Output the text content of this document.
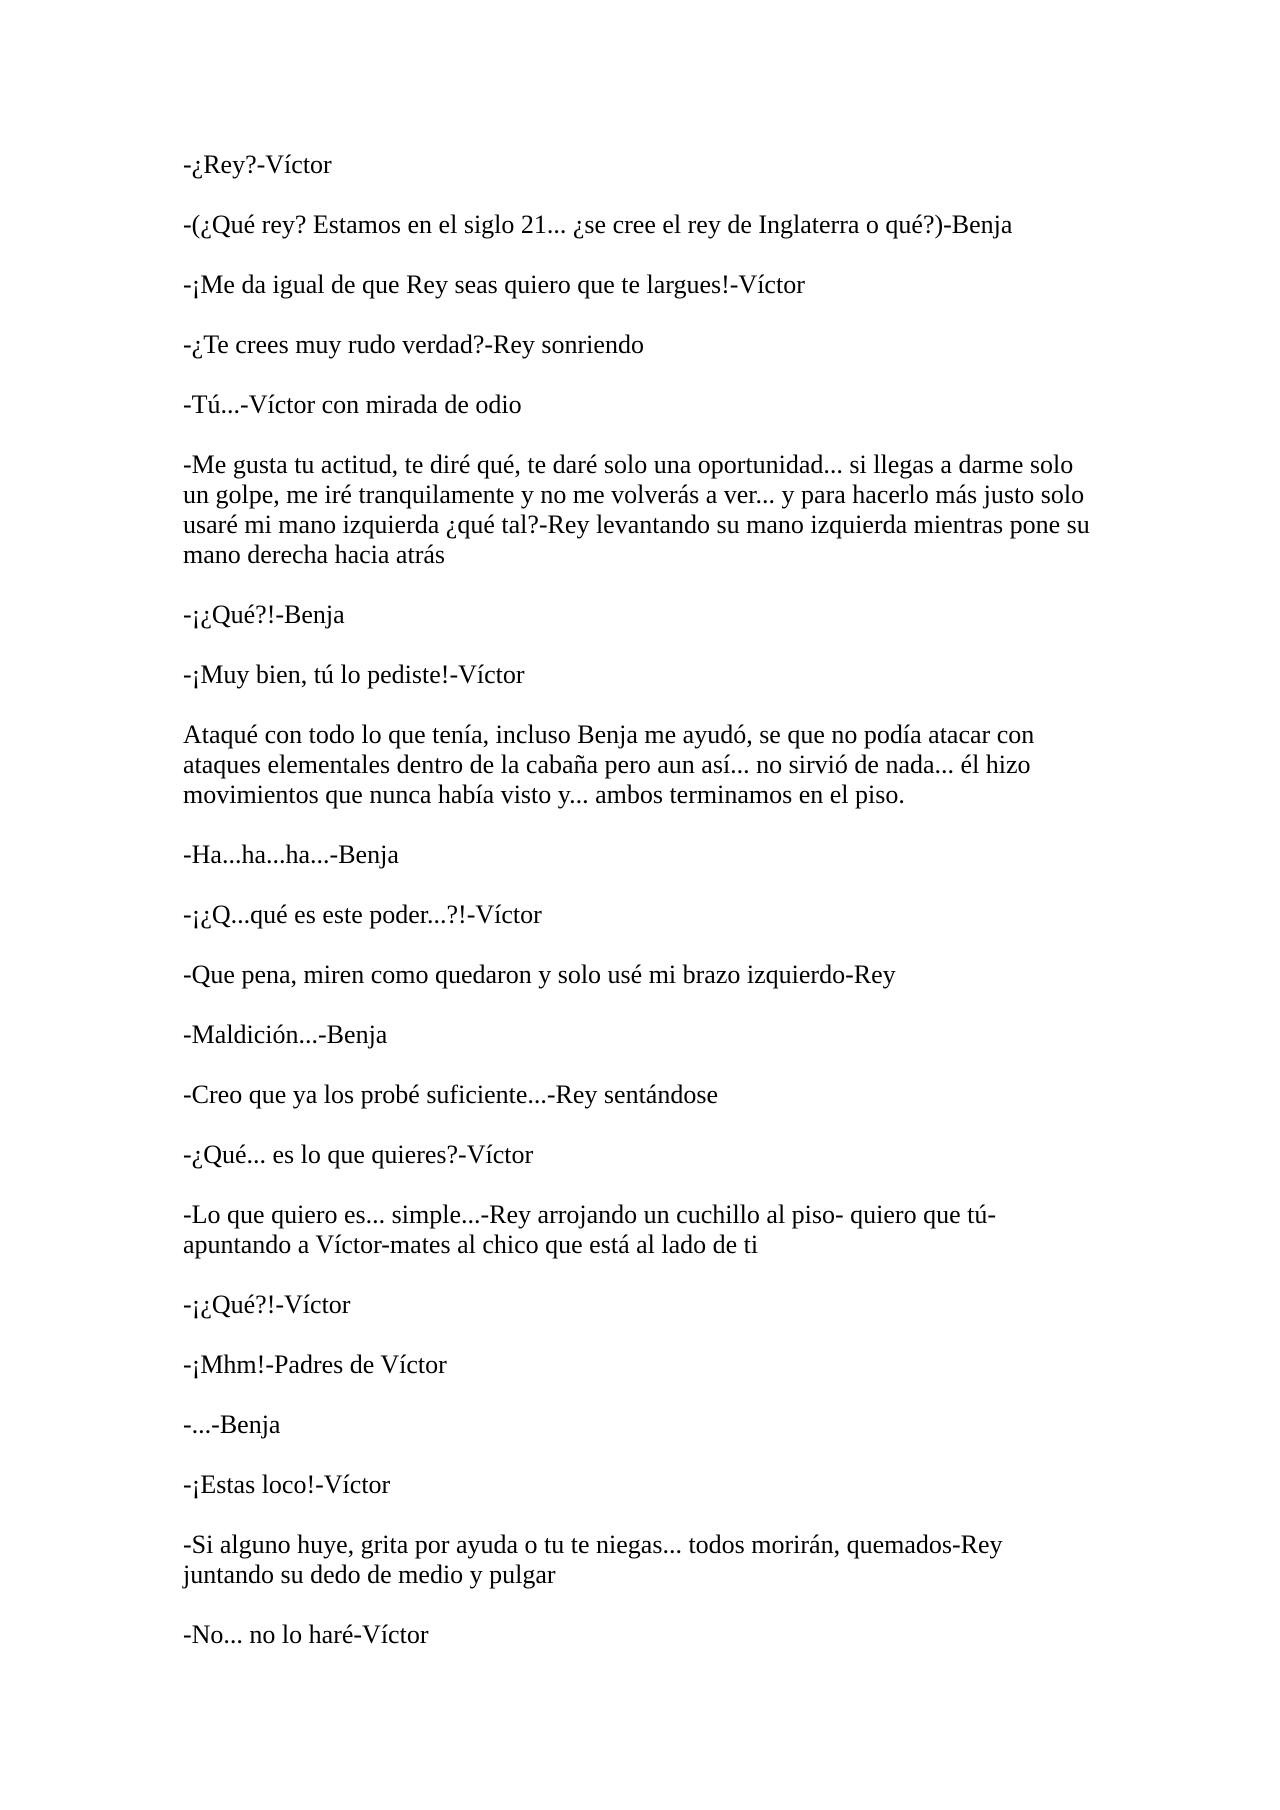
-¿Rey?-Víctor

-(¿Qué rey? Estamos en el siglo 21... ¿se cree el rey de Inglaterra o qué?)-Benja

-¡Me da igual de que Rey seas quiero que te largues!-Víctor

-¿Te crees muy rudo verdad?-Rey sonriendo

-Tú...-Víctor con mirada de odio

-Me gusta tu actitud, te diré qué, te daré solo una oportunidad... si llegas a darme solo un golpe, me iré tranquilamente y no me volverás a ver... y para hacerlo más justo solo usaré mi mano izquierda ¿qué tal?-Rey levantando su mano izquierda mientras pone su mano derecha hacia atrás

-¡¿Qué?!-Benja

-¡Muy bien, tú lo pediste!-Víctor

Ataqué con todo lo que tenía, incluso Benja me ayudó, se que no podía atacar con ataques elementales dentro de la cabaña pero aun así... no sirvió de nada... él hizo movimientos que nunca había visto y... ambos terminamos en el piso.

-Ha...ha...ha...-Benja

-¡¿Q...qué es este poder...?!-Víctor

-Que pena, miren como quedaron y solo usé mi brazo izquierdo-Rey

-Maldición...-Benja

-Creo que ya los probé suficiente...-Rey sentándose

-¿Qué... es lo que quieres?-Víctor

-Lo que quiero es... simple...-Rey arrojando un cuchillo al piso- quiero que tú-apuntando a Víctor-mates al chico que está al lado de ti

-¡¿Qué?!-Víctor

-¡Mhm!-Padres de Víctor

-...-Benja

-¡Estas loco!-Víctor

-Si alguno huye, grita por ayuda o tu te niegas... todos morirán, quemados-Rey juntando su dedo de medio y pulgar

-No... no lo haré-Víctor
